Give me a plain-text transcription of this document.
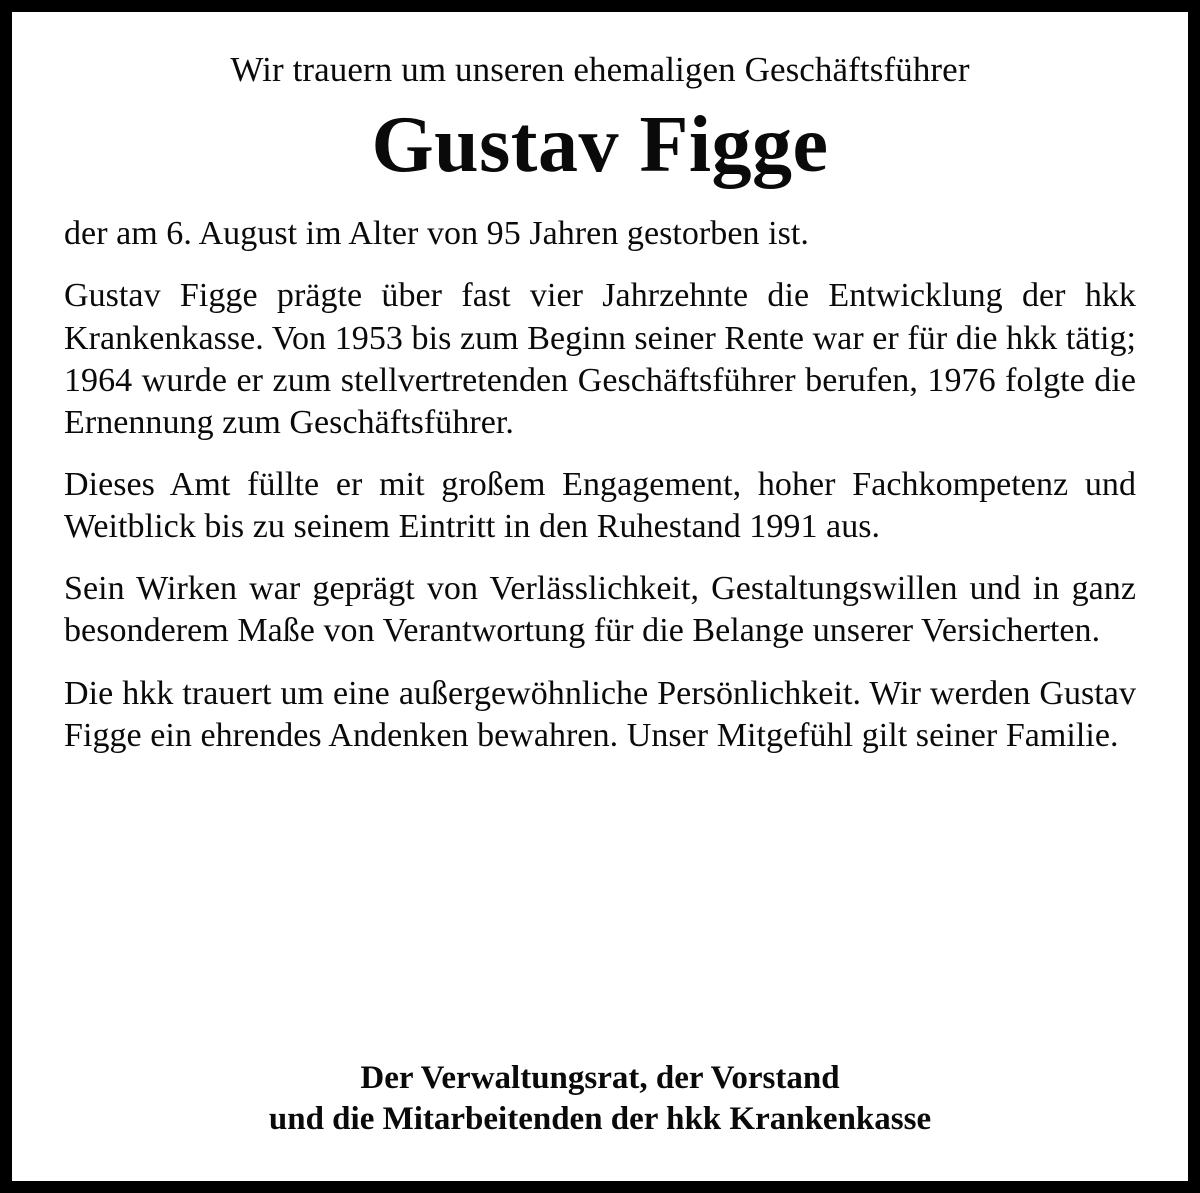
Wir trauern um unseren ehemaligen Geschäftsführer
Gustav Figge

der am 6. August im Alter von 95 Jahren gestorben ist.

Gustav Figge prägte über fast vier Jahrzehnte die Entwicklung der hkk Krankenkasse. Von 1953 bis zum Beginn seiner Rente war er für die hkk tätig; 1964 wurde er zum stellvertretenden Geschäftsführer berufen, 1976 folgte die Ernennung zum Geschäftsführer.

Dieses Amt füllte er mit großem Engagement, hoher Fachkompetenz und Weitblick bis zu seinem Eintritt in den Ruhestand 1991 aus.

Sein Wirken war geprägt von Verlässlichkeit, Gestaltungswillen und in ganz besonderem Maße von Verantwortung für die Belange unserer Versicherten.

Die hkk trauert um eine außergewöhnliche Persönlichkeit. Wir werden Gustav Figge ein ehrendes Andenken bewahren. Unser Mitgefühl gilt seiner Familie.

Der Verwaltungsrat, der Vorstand
und die Mitarbeitenden der hkk Krankenkasse
